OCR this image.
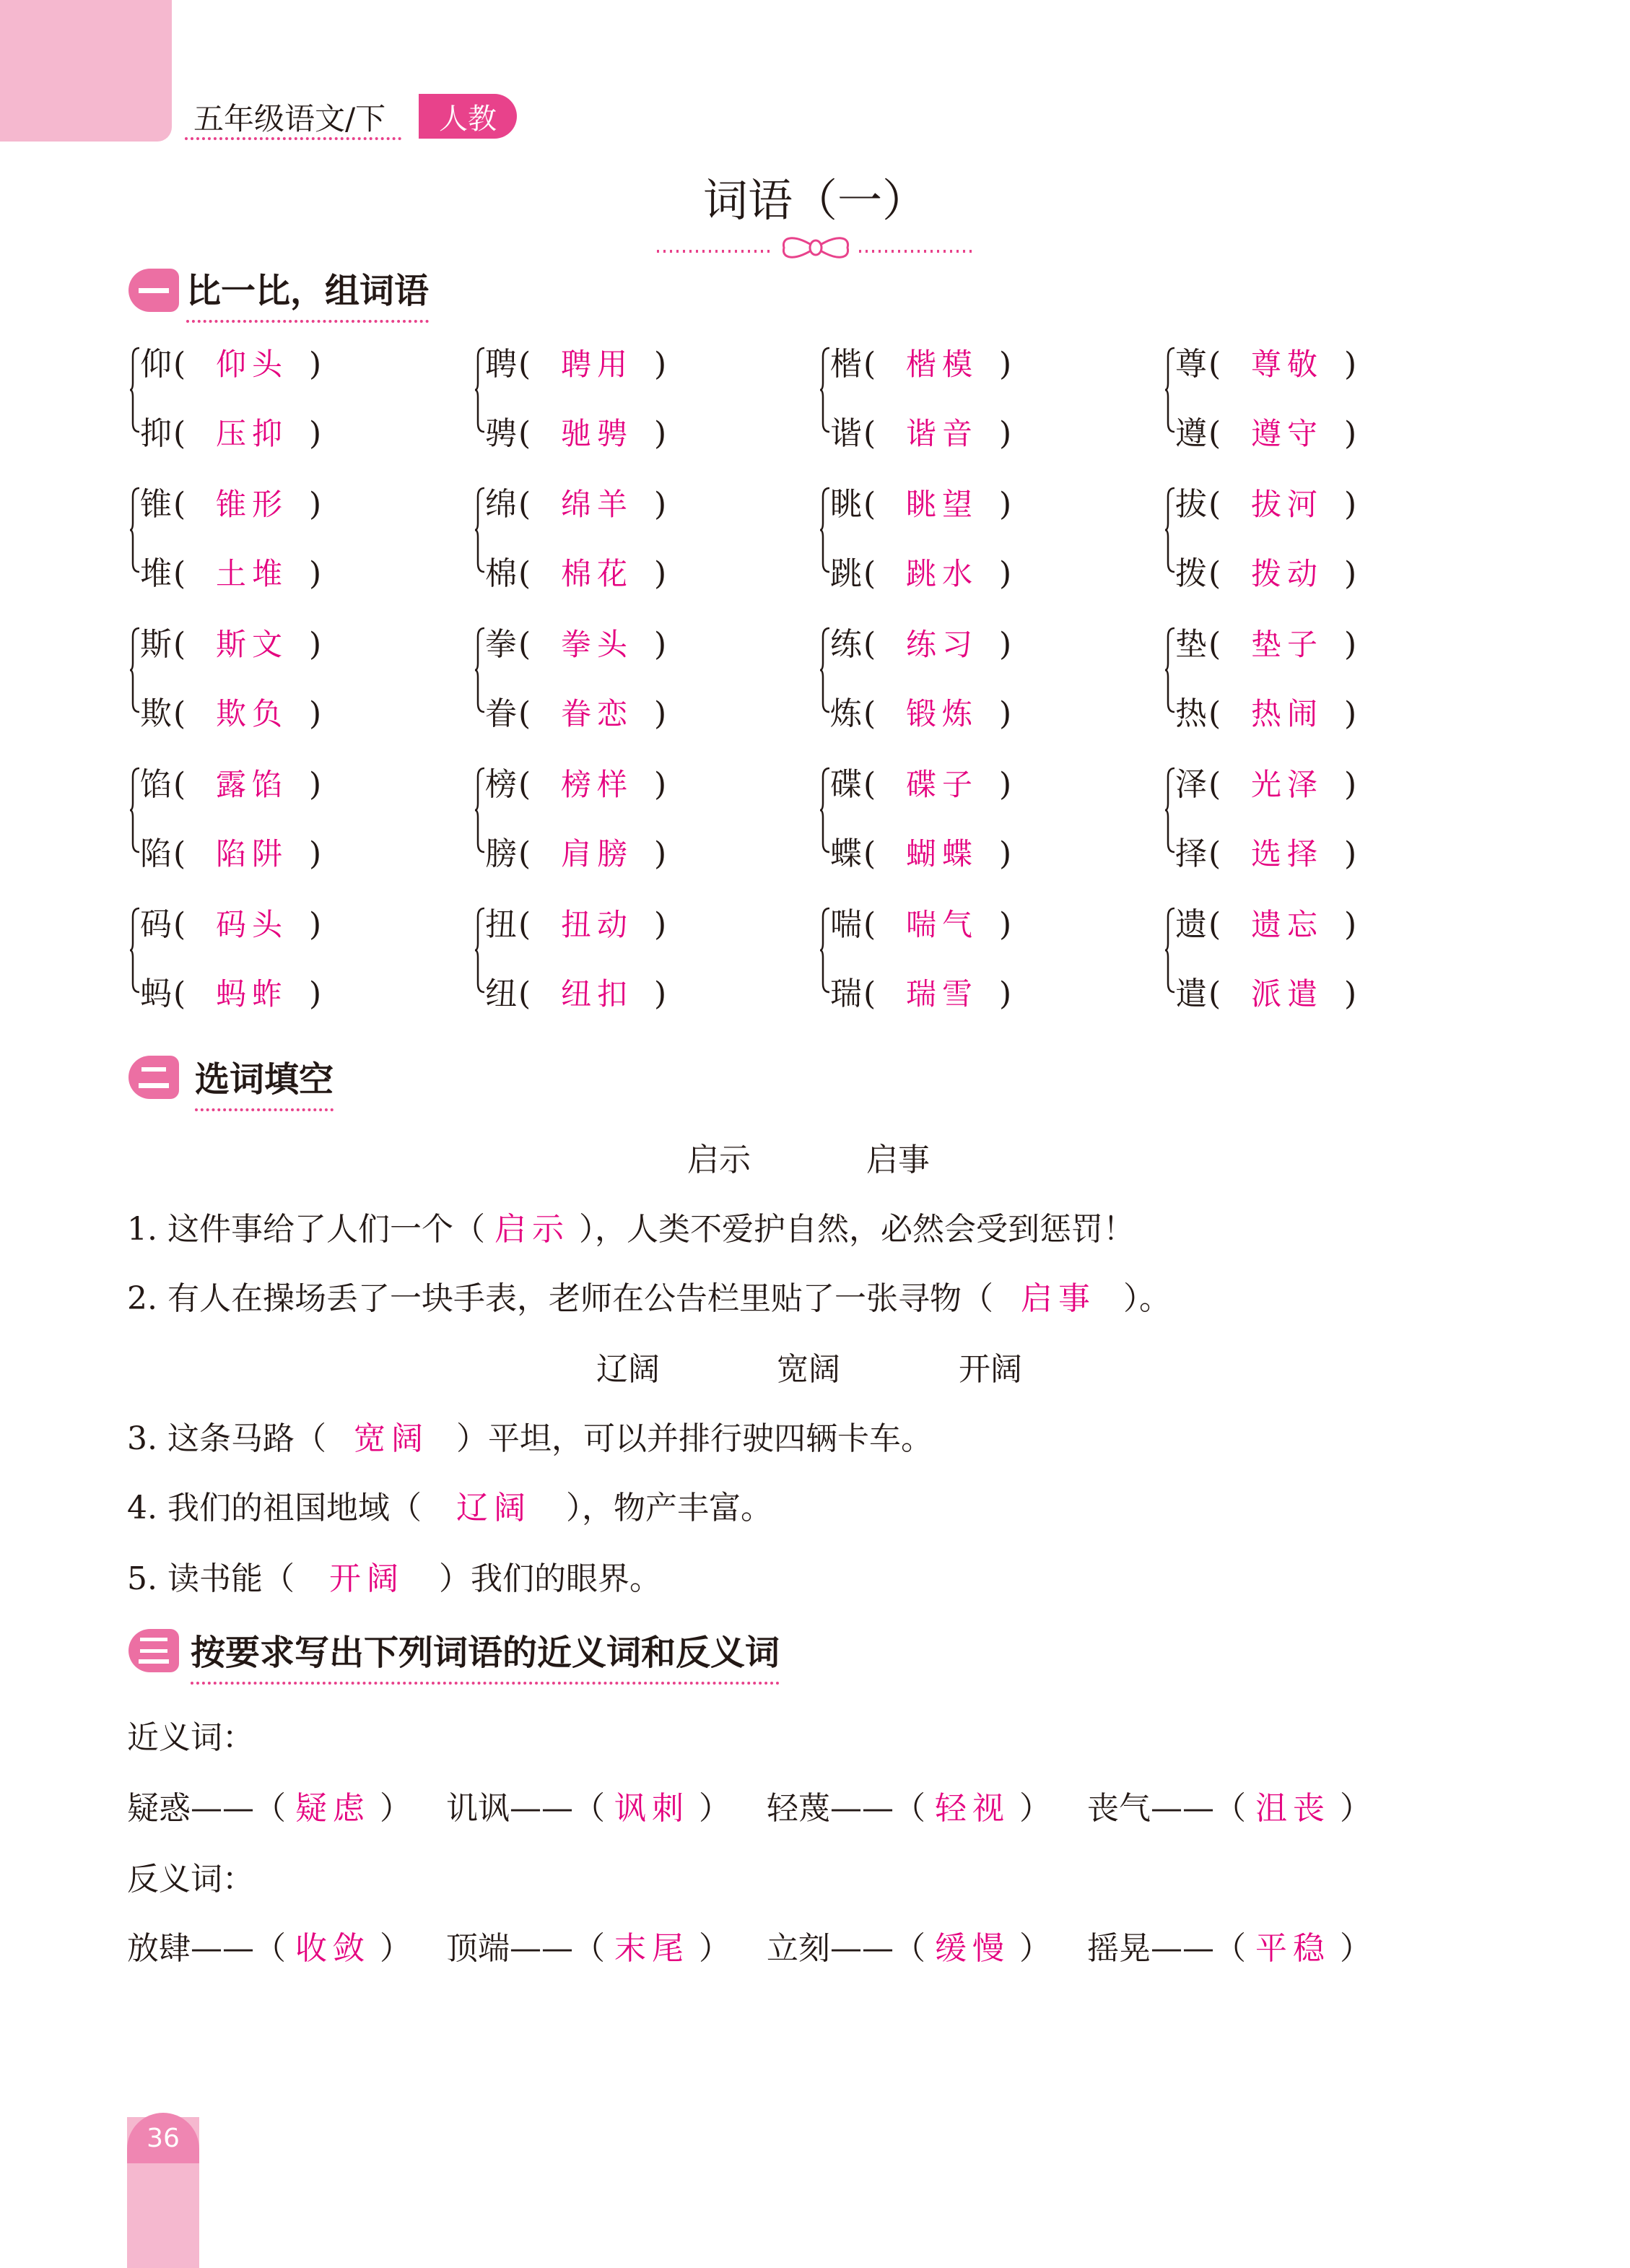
五年级语文/下	人教
词语（一）
比一比，组词语
仰( 仰头 )
抑( 压抑 )
聘( 聘用 )
骋( 驰骋 )
楷( 楷模 )
谐( 谐音 )
尊( 尊敬 )
遵( 遵守 )
锥( 锥形 )
堆( 土堆 )
绵( 绵羊 )
棉( 棉花 )
眺( 眺望 )
跳( 跳水 )
拔( 拔河 )
拨( 拨动 )
斯( 斯文 )
欺( 欺负 )
拳( 拳头 )
眷( 眷恋 )
练( 练习 )
炼( 锻炼 )
垫( 垫子 )
热( 热闹 )
馅( 露馅 )
陷( 陷阱 )
榜( 榜样 )
膀( 肩膀 )
碟( 碟子 )
蝶( 蝴蝶 )
泽( 光泽 )
择( 选择 )
码( 码头 )
蚂( 蚂蚱 )
扭( 扭动 )
纽( 纽扣 )
喘( 喘气 )
瑞( 瑞雪 )
遗( 遗忘 )
遣( 派遣 )
选词填空
启示	启事
1. 这件事给了人们一个（ 启示 ），人类不爱护自然，必然会受到惩罚！
2. 有人在操场丢了一块手表，老师在公告栏里贴了一张寻物（ 启事 ）。
辽阔	宽阔	开阔
3. 这条马路（ 宽阔 ）平坦，可以并排行驶四辆卡车。
4. 我们的祖国地域（ 辽阔 ），物产丰富。
5. 读书能（ 开阔 ）我们的眼界。
按要求写出下列词语的近义词和反义词
近义词：
疑惑——（ 疑虑 ） 讥讽——（ 讽刺 ） 轻蔑——（ 轻视 ） 丧气——（ 沮丧 ）
反义词：
放肆——（ 收敛 ） 顶端——（ 末尾 ） 立刻——（ 缓慢 ） 摇晃——（ 平稳 ）
36
